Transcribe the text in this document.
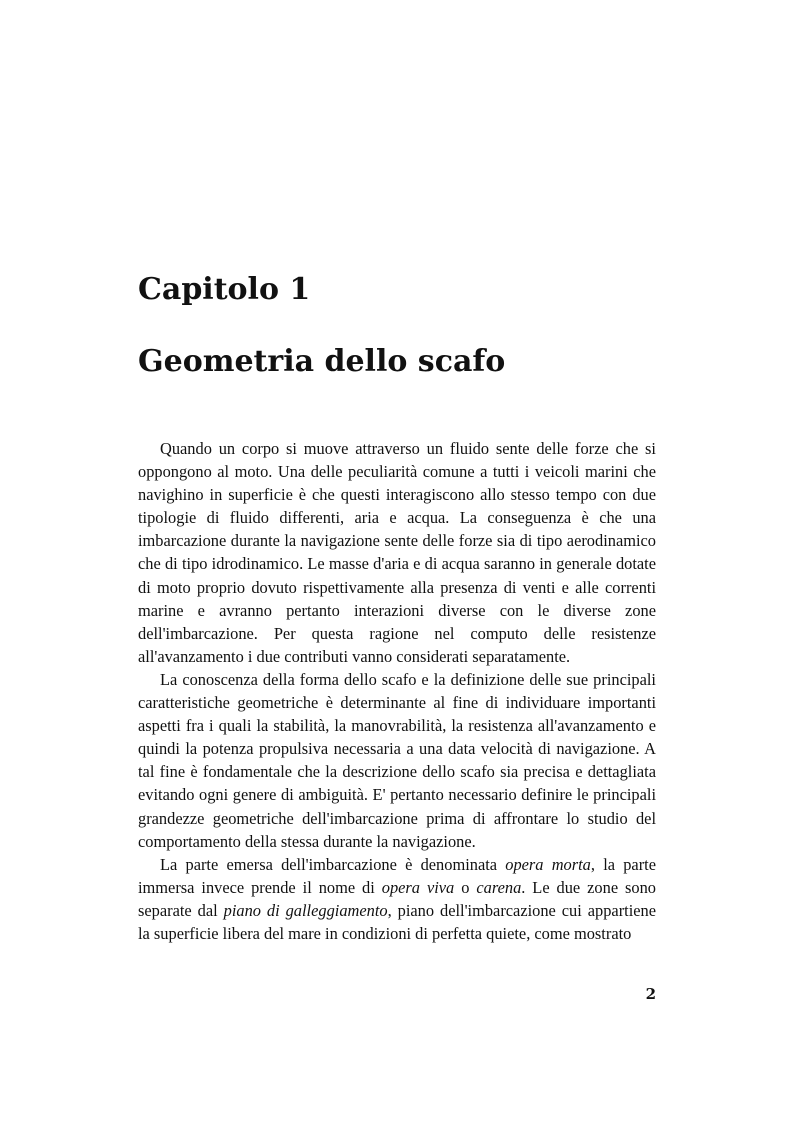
Capitolo 1
Geometria dello scafo

Quando un corpo si muove attraverso un fluido sente delle forze che si oppongono al moto. Una delle peculiarità comune a tutti i veicoli marini che navighino in superficie è che questi interagiscono allo stesso tempo con due tipologie di fluido differenti, aria e acqua. La conseguenza è che una imbarcazione durante la navigazione sente delle forze sia di tipo aerodinamico che di tipo idrodinamico. Le masse d'aria e di acqua saranno in generale dotate di moto proprio dovuto rispettivamente alla presenza di venti e alle correnti marine e avranno pertanto interazioni diverse con le diverse zone dell'imbarcazione. Per questa ragione nel computo delle resistenze all'avanzamento i due contributi vanno considerati separatamente.

La conoscenza della forma dello scafo e la definizione delle sue principali caratteristiche geometriche è determinante al fine di individuare importanti aspetti fra i quali la stabilità, la manovrabilità, la resistenza all'avanzamento e quindi la potenza propulsiva necessaria a una data velocità di navigazione. A tal fine è fondamentale che la descrizione dello scafo sia precisa e dettagliata evitando ogni genere di ambiguità. E' pertanto necessario definire le principali grandezze geometriche dell'imbarcazione prima di affrontare lo studio del comportamento della stessa durante la navigazione.

La parte emersa dell'imbarcazione è denominata opera morta, la parte immersa invece prende il nome di opera viva o carena. Le due zone sono separate dal piano di galleggiamento, piano dell'imbarcazione cui appartiene la superficie libera del mare in condizioni di perfetta quiete, come mostrato

2
